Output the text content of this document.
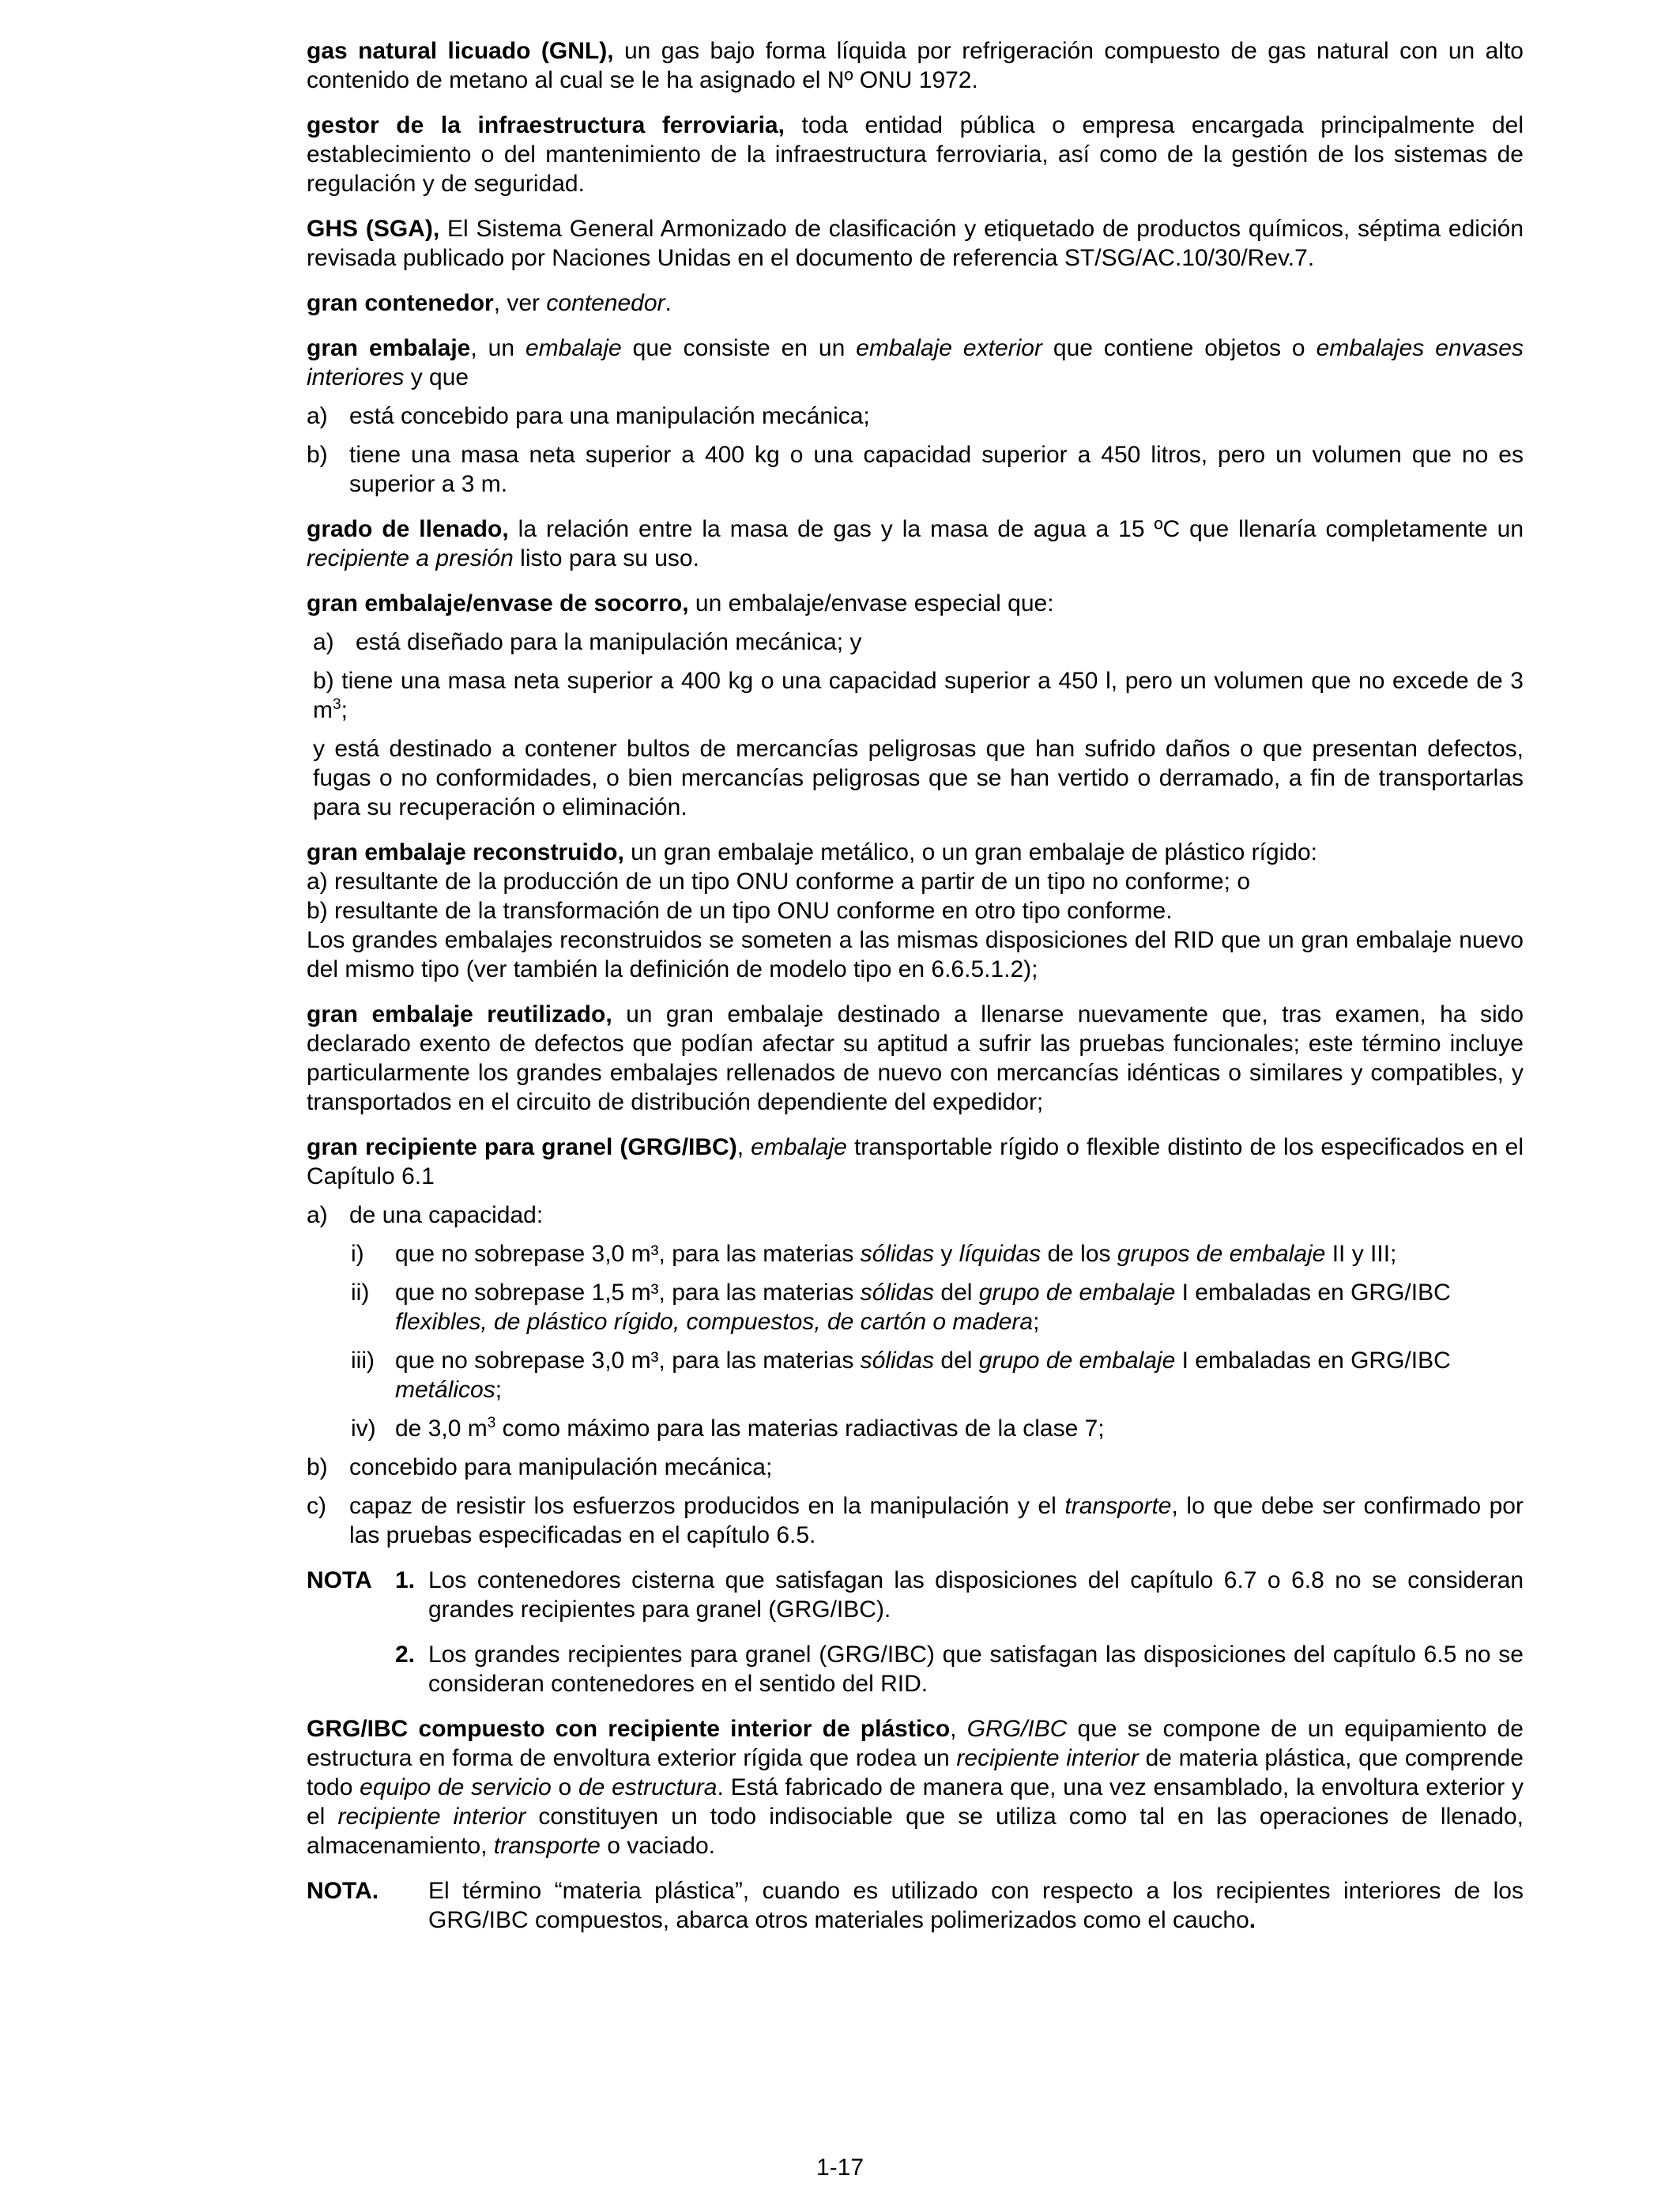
gas natural licuado (GNL), un gas bajo forma líquida por refrigeración compuesto de gas natural con un alto contenido de metano al cual se le ha asignado el Nº ONU 1972.

gestor de la infraestructura ferroviaria, toda entidad pública o empresa encargada principalmente del establecimiento o del mantenimiento de la infraestructura ferroviaria, así como de la gestión de los sistemas de regulación y de seguridad.

GHS (SGA), El Sistema General Armonizado de clasificación y etiquetado de productos químicos, séptima edición revisada publicado por Naciones Unidas en el documento de referencia ST/SG/AC.10/30/Rev.7.

gran contenedor, ver contenedor.

gran embalaje, un embalaje que consiste en un embalaje exterior que contiene objetos o embalajes envases interiores y que

a) está concebido para una manipulación mecánica;
b) tiene una masa neta superior a 400 kg o una capacidad superior a 450 litros, pero un volumen que no es superior a 3 m.

grado de llenado, la relación entre la masa de gas y la masa de agua a 15 ºC que llenaría completamente un recipiente a presión listo para su uso.

gran embalaje/envase de socorro, un embalaje/envase especial que:

a) está diseñado para la manipulación mecánica; y

b) tiene una masa neta superior a 400 kg o una capacidad superior a 450 l, pero un volumen que no excede de 3 $m^3$;

y está destinado a contener bultos de mercancías peligrosas que han sufrido daños o que presentan defectos, fugas o no conformidades, o bien mercancías peligrosas que se han vertido o derramado, a fin de transportarlas para su recuperación o eliminación.

gran embalaje reconstruido, un gran embalaje metálico, o un gran embalaje de plástico rígido:

a) resultante de la producción de un tipo ONU conforme a partir de un tipo no conforme; o

b) resultante de la transformación de un tipo ONU conforme en otro tipo conforme.

Los grandes embalajes reconstruidos se someten a las mismas disposiciones del RID que un gran embalaje nuevo del mismo tipo (ver también la definición de modelo tipo en 6.6.5.1.2);

gran embalaje reutilizado, un gran embalaje destinado a llenarse nuevamente que, tras examen, ha sido declarado exento de defectos que podían afectar su aptitud a sufrir las pruebas funcionales; este término incluye particularmente los grandes embalajes rellenados de nuevo con mercancías idénticas o similares y compatibles, y transportados en el circuito de distribución dependiente del expedidor;

gran recipiente para granel (GRG/IBC), embalaje transportable rígido o flexible distinto de los especificados en el Capítulo 6.1

a) de una capacidad:
i)	que no sobrepase 3,0 m³, para las materias sólidas y líquidas de los grupos de embalaje II y III;
ii)	que no sobrepase 1,5 m³, para las materias sólidas del grupo de embalaje I embaladas en GRG/IBC flexibles, de plástico rígido, compuestos, de cartón o madera;
iii) que no sobrepase 3,0 m³, para las materias sólidas del grupo de embalaje I embaladas en GRG/IBC metálicos;
iv) de 3,0 $m^3$ como máximo para las materias radiactivas de la clase 7;
b) concebido para manipulación mecánica;
c) capaz de resistir los esfuerzos producidos en la manipulación y el transporte, lo que debe ser confirmado por las pruebas especificadas en el capítulo 6.5.
NOTA 1. Los contenedores cisterna que satisfagan las disposiciones del capítulo 6.7 o 6.8 no se consideran grandes recipientes para granel (GRG/IBC).
2. Los grandes recipientes para granel (GRG/IBC) que satisfagan las disposiciones del capítulo 6.5 no se consideran contenedores en el sentido del RID.

GRG/IBC compuesto con recipiente interior de plástico, GRG/IBC que se compone de un equipamiento de estructura en forma de envoltura exterior rígida que rodea un recipiente interior de materia plástica, que comprende todo equipo de servicio o de estructura. Está fabricado de manera que, una vez ensamblado, la envoltura exterior y el recipiente interior constituyen un todo indisociable que se utiliza como tal en las operaciones de llenado, almacenamiento, transporte o vaciado.

NOTA.	El término “materia plástica”, cuando es utilizado con respecto a los recipientes interiores de los GRG/IBC compuestos, abarca otros materiales polimerizados como el caucho.
1-17
